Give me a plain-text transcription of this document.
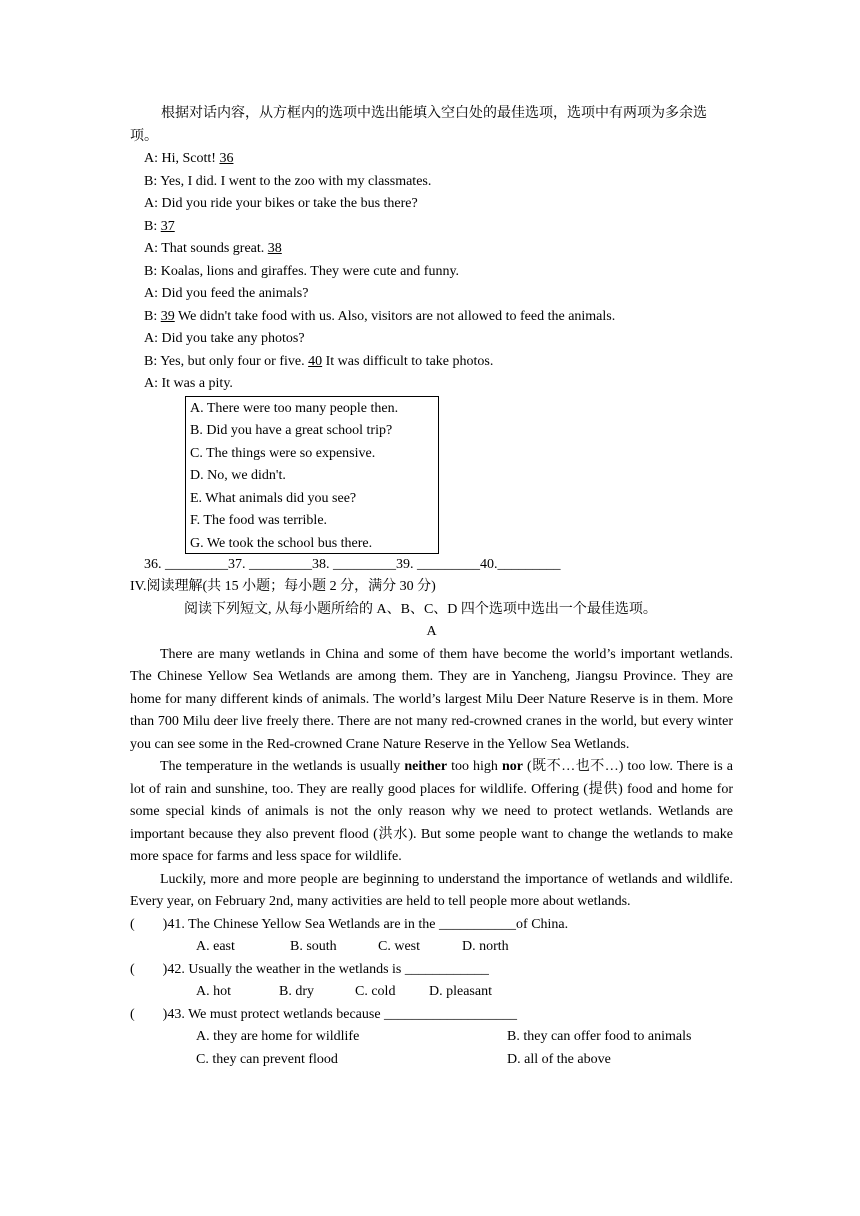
根据对话内容，从方框内的选项中选出能填入空白处的最佳选项，选项中有两项为多余选项。

A: Hi, Scott! 36

B: Yes, I did. I went to the zoo with my classmates.

A: Did you ride your bikes or take the bus there?

B: 37

A: That sounds great. 38

B: Koalas, lions and giraffes. They were cute and funny.

A: Did you feed the animals?

B: 39 We didn't take food with us. Also, visitors are not allowed to feed the animals.

A: Did you take any photos?

B: Yes, but only four or five. 40 It was difficult to take photos.

A: It was a pity.

A. There were too many people then.

B. Did you have a great school trip?

C. The things were so expensive.

D. No, we didn't.

E. What animals did you see?

F. The food was terrible.

G. We took the school bus there.

36. _________37. _________38. _________39. _________40._________

IV.阅读理解(共 15 小题；每小题 2 分，满分 30 分)

阅读下列短文, 从每小题所给的 A、B、C、D 四个选项中选出一个最佳选项。

A

There are many wetlands in China and some of them have become the world’s important wetlands. The Chinese Yellow Sea Wetlands are among them. They are in Yancheng, Jiangsu Province. They are home for many different kinds of animals. The world’s largest Milu Deer Nature Reserve is in them. More than 700 Milu deer live freely there. There are not many red-crowned cranes in the world, but every winter you can see some in the Red-crowned Crane Nature Reserve in the Yellow Sea Wetlands.

The temperature in the wetlands is usually neither too high nor (既不…也不…) too low. There is a lot of rain and sunshine, too. They are really good places for wildlife. Offering (提供) food and home for some special kinds of animals is not the only reason why we need to protect wetlands. Wetlands are important because they also prevent flood (洪水). But some people want to change the wetlands to make more space for farms and less space for wildlife.

Luckily, more and more people are beginning to understand the importance of wetlands and wildlife. Every year, on February 2nd, many activities are held to tell people more about wetlands.

(        )41. The Chinese Yellow Sea Wetlands are in the ___________of China.

A. east	B. south	C. west	D. north

(        )42. Usually the weather in the wetlands is ____________

A. hot	B. dry	C. cold	D. pleasant

(        )43. We must protect wetlands because ___________________

A. they are home for wildlife	B. they can offer food to animals
C. they can prevent flood	D. all of the above
